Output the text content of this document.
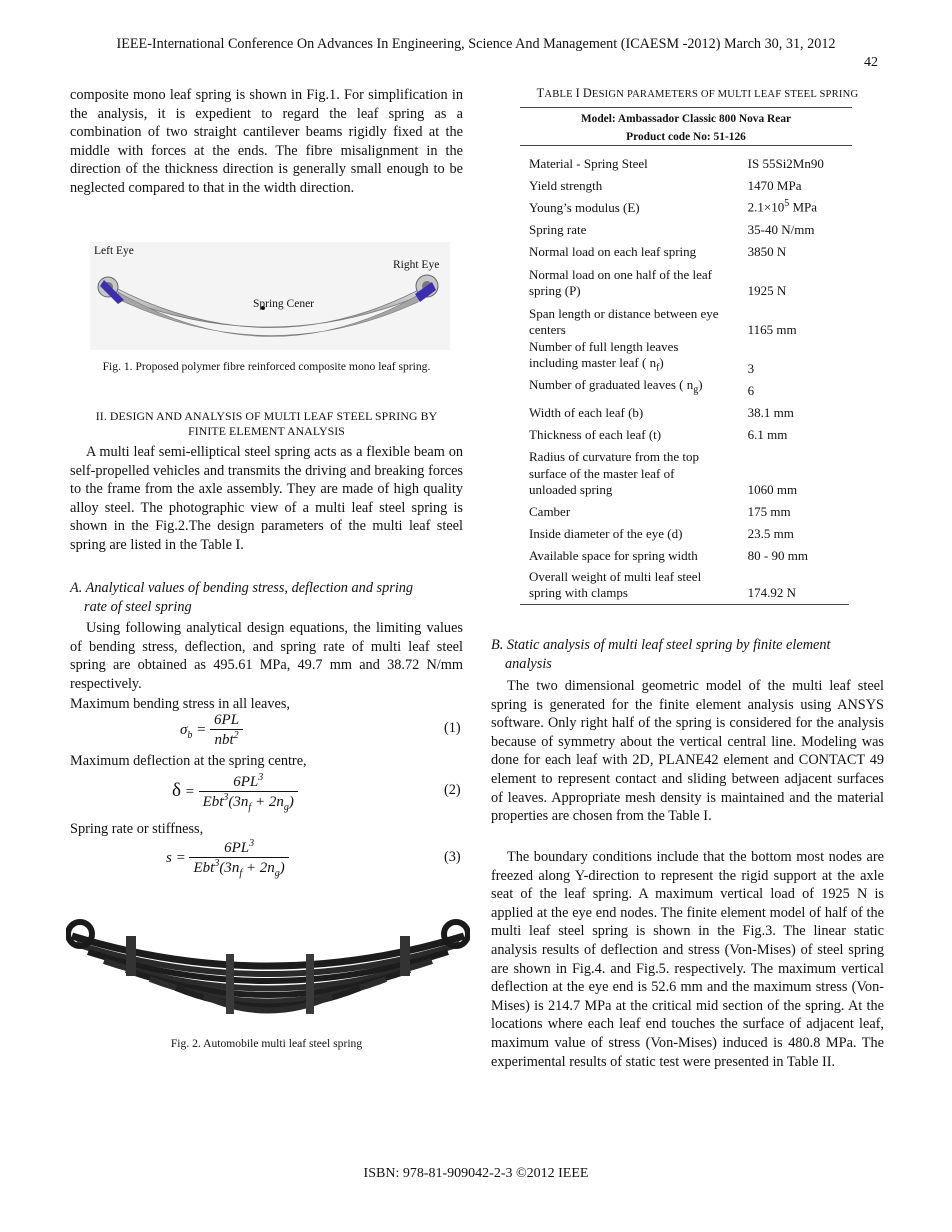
IEEE-International Conference On Advances In Engineering, Science And Management (ICAESM -2012) March 30, 31, 2012
42
composite mono leaf spring is shown in Fig.1. For simplification in the analysis, it is expedient to regard the leaf spring as a combination of two straight cantilever beams rigidly fixed at the middle with forces at the ends. The fibre misalignment in the direction of the thickness direction is generally small enough to be neglected compared to that in the width direction.
Left Eye
Right Eye
Spring Cener
Fig. 1. Proposed polymer fibre reinforced composite mono leaf spring.
II. DESIGN AND ANALYSIS OF MULTI LEAF STEEL SPRING BY
FINITE ELEMENT ANALYSIS
A multi leaf semi-elliptical steel spring acts as a flexible beam on self-propelled vehicles and transmits the driving and breaking forces to the frame from the axle assembly. They are made of high quality alloy steel. The photographic view of a multi leaf steel spring is shown in the Fig.2.The design parameters of the multi leaf steel spring are listed in the Table I.
A. Analytical values of bending stress, deflection and spring
rate of steel spring
Using following analytical design equations, the limiting values of bending stress, deflection, and spring rate of multi leaf steel spring are obtained as 495.61 MPa, 49.7 mm and 38.72 N/mm respectively.
Maximum bending stress in all leaves,
$\sigma_b = \frac{6PL}{nbt^2}$	(1)
Maximum deflection at the spring centre,
$\delta = \frac{6PL^3}{Ebt^3(3n_f + 2n_g)}$	(2)
Spring rate or stiffness,
$s = \frac{6PL^3}{Ebt^3(3n_f + 2n_g)}$	(3)
Fig. 2. Automobile multi leaf steel spring
TABLE I DESIGN PARAMETERS OF MULTI LEAF STEEL SPRING
Model: Ambassador Classic 800 Nova Rear
Product code No: 51-126
Material - Spring Steel	IS 55Si2Mn90
Yield strength	1470 MPa
Young’s modulus (E)	$2.1\times 10^5$ MPa
Spring rate	35-40 N/mm
Normal load on each leaf spring	3850 N
Normal load on one half of the leaf spring (P)	1925 N
Span length or distance between eye centers	1165 mm
Number of full length leaves including master leaf ( $n_f$)	3
Number of graduated leaves ( $n_g$)	6
Width of each leaf (b)	38.1 mm
Thickness of each leaf (t)	6.1 mm
Radius of curvature from the top surface of the master leaf of unloaded spring	1060 mm
Camber	175 mm
Inside diameter of the eye (d)	23.5 mm
Available space for spring width	80 - 90 mm
Overall weight of multi leaf steel spring with clamps	174.92 N
B. Static analysis of multi leaf steel spring by finite element
analysis
The two dimensional geometric model of the multi leaf steel spring is generated for the finite element analysis using ANSYS software. Only right half of the spring is considered for the analysis because of symmetry about the vertical central line. Modeling was done for each leaf with 2D, PLANE42 element and CONTACT 49 element to represent contact and sliding between adjacent surfaces of leaves. Appropriate mesh density is maintained and the material properties are chosen from the Table I.
The boundary conditions include that the bottom most nodes are freezed along Y-direction to represent the rigid support at the axle seat of the leaf spring. A maximum vertical load of 1925 N is applied at the eye end nodes. The finite element model of half of the multi leaf steel spring is shown in the Fig.3. The linear static analysis results of deflection and stress (Von-Mises) of steel spring are shown in Fig.4. and Fig.5. respectively. The maximum vertical deflection at the eye end is 52.6 mm and the maximum stress (Von-Mises) is 214.7 MPa at the critical mid section of the spring. At the locations where each leaf end touches the surface of adjacent leaf, maximum value of stress (Von-Mises) induced is 480.8 MPa. The experimental results of static test were presented in Table II.
ISBN: 978-81-909042-2-3 ©2012 IEEE
